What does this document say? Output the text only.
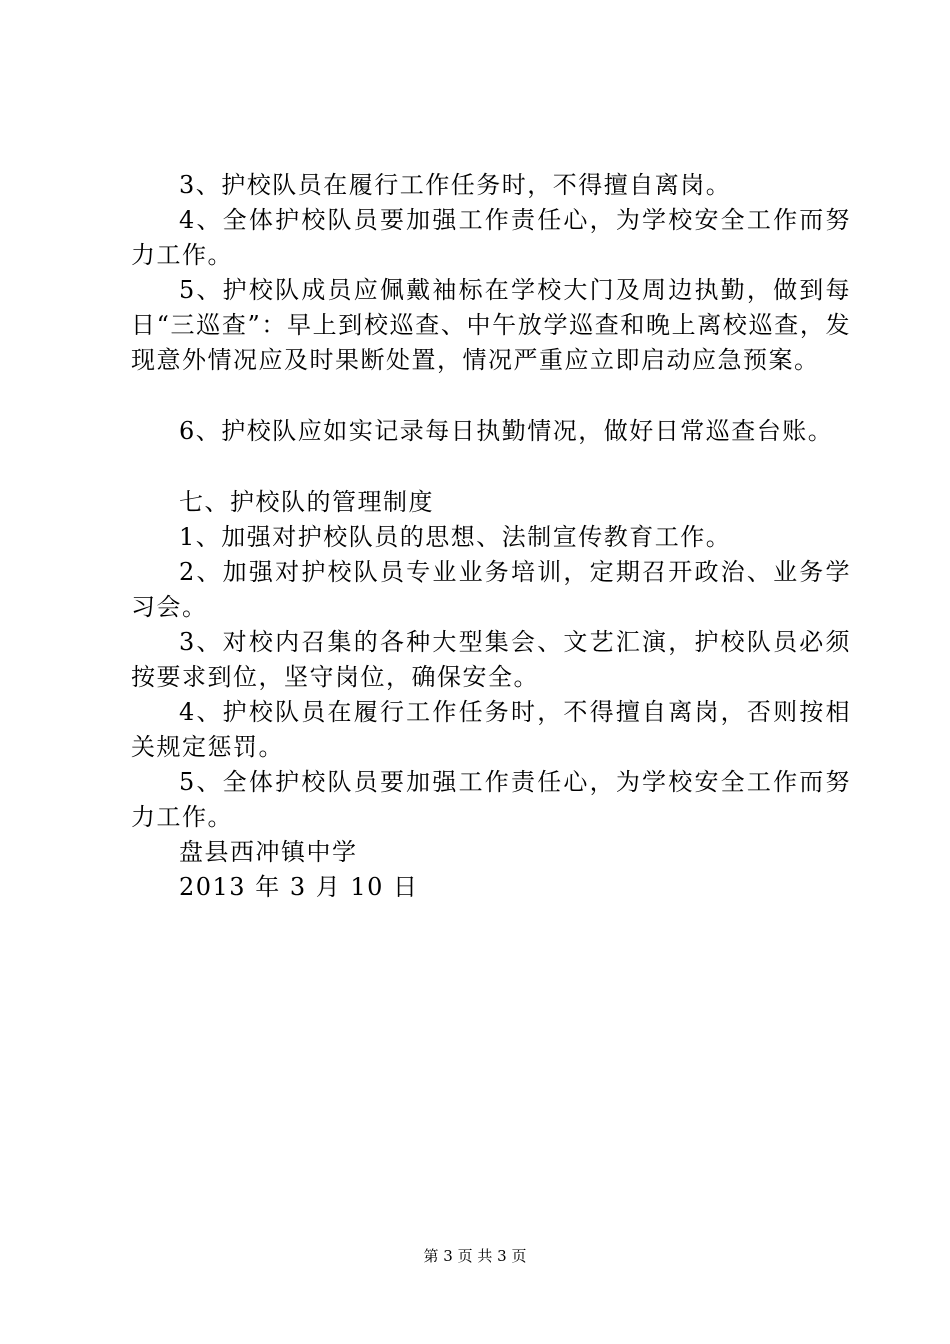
3、护校队员在履行工作任务时，不得擅自离岗。

4、全体护校队员要加强工作责任心，为学校安全工作而努力工作。

5、护校队成员应佩戴袖标在学校大门及周边执勤，做到每日“三巡查”：早上到校巡查、中午放学巡查和晚上离校巡查，发现意外情况应及时果断处置，情况严重应立即启动应急预案。

6、护校队应如实记录每日执勤情况，做好日常巡查台账。

七、护校队的管理制度

1、加强对护校队员的思想、法制宣传教育工作。

2、加强对护校队员专业业务培训，定期召开政治、业务学习会。

3、对校内召集的各种大型集会、文艺汇演，护校队员必须按要求到位，坚守岗位，确保安全。

4、护校队员在履行工作任务时，不得擅自离岗，否则按相关规定惩罚。

5、全体护校队员要加强工作责任心，为学校安全工作而努力工作。

盘县西冲镇中学

2013 年 3 月 10 日

第 3 页 共 3 页
